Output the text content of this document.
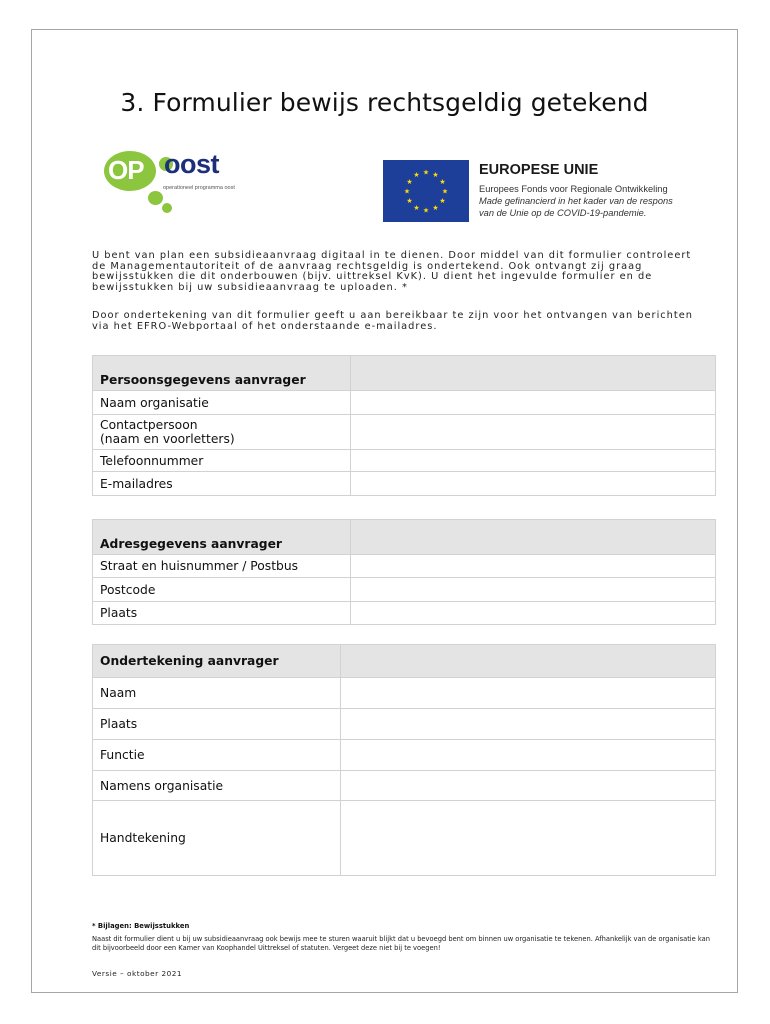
3. Formulier bewijs rechtsgeldig getekend
OP oost
operationeel programma oost
★ ★
★
★
★
★
★
★
★
★
★
★	EUROPESE UNIE
Europees Fonds voor Regionale Ontwikkeling
Made gefinancierd in het kader van de respons
van de Unie op de COVID-19-pandemie.

U bent van plan een subsidieaanvraag digitaal in te dienen. Door middel van dit formulier controleert de Managementautoriteit of de aanvraag rechtsgeldig is ondertekend. Ook ontvangt zij graag bewijsstukken die dit onderbouwen (bijv. uittreksel KvK). U dient het ingevulde formulier en de bewijsstukken bij uw subsidieaanvraag te uploaden. *

Door ondertekening van dit formulier geeft u aan bereikbaar te zijn voor het ontvangen van berichten via het EFRO-Webportaal of het onderstaande e-mailadres.

Persoonsgegevens aanvrager	
Naam organisatie	
Contactpersoon
(naam en voorletters)	
Telefoonnummer	
E-mailadres	
Adresgegevens aanvrager	
Straat en huisnummer / Postbus	
Postcode	
Plaats	
Ondertekening aanvrager	
Naam	
Plaats	
Functie	
Namens organisatie	
Handtekening	
* Bijlagen: Bewijsstukken

Naast dit formulier dient u bij uw subsidieaanvraag ook bewijs mee te sturen waaruit blijkt dat u bevoegd bent om binnen uw organisatie te tekenen. Afhankelijk van de organisatie kan dit bijvoorbeeld door een Kamer van Koophandel Uittreksel of statuten. Vergeet deze niet bij te voegen!

Versie – oktober 2021
